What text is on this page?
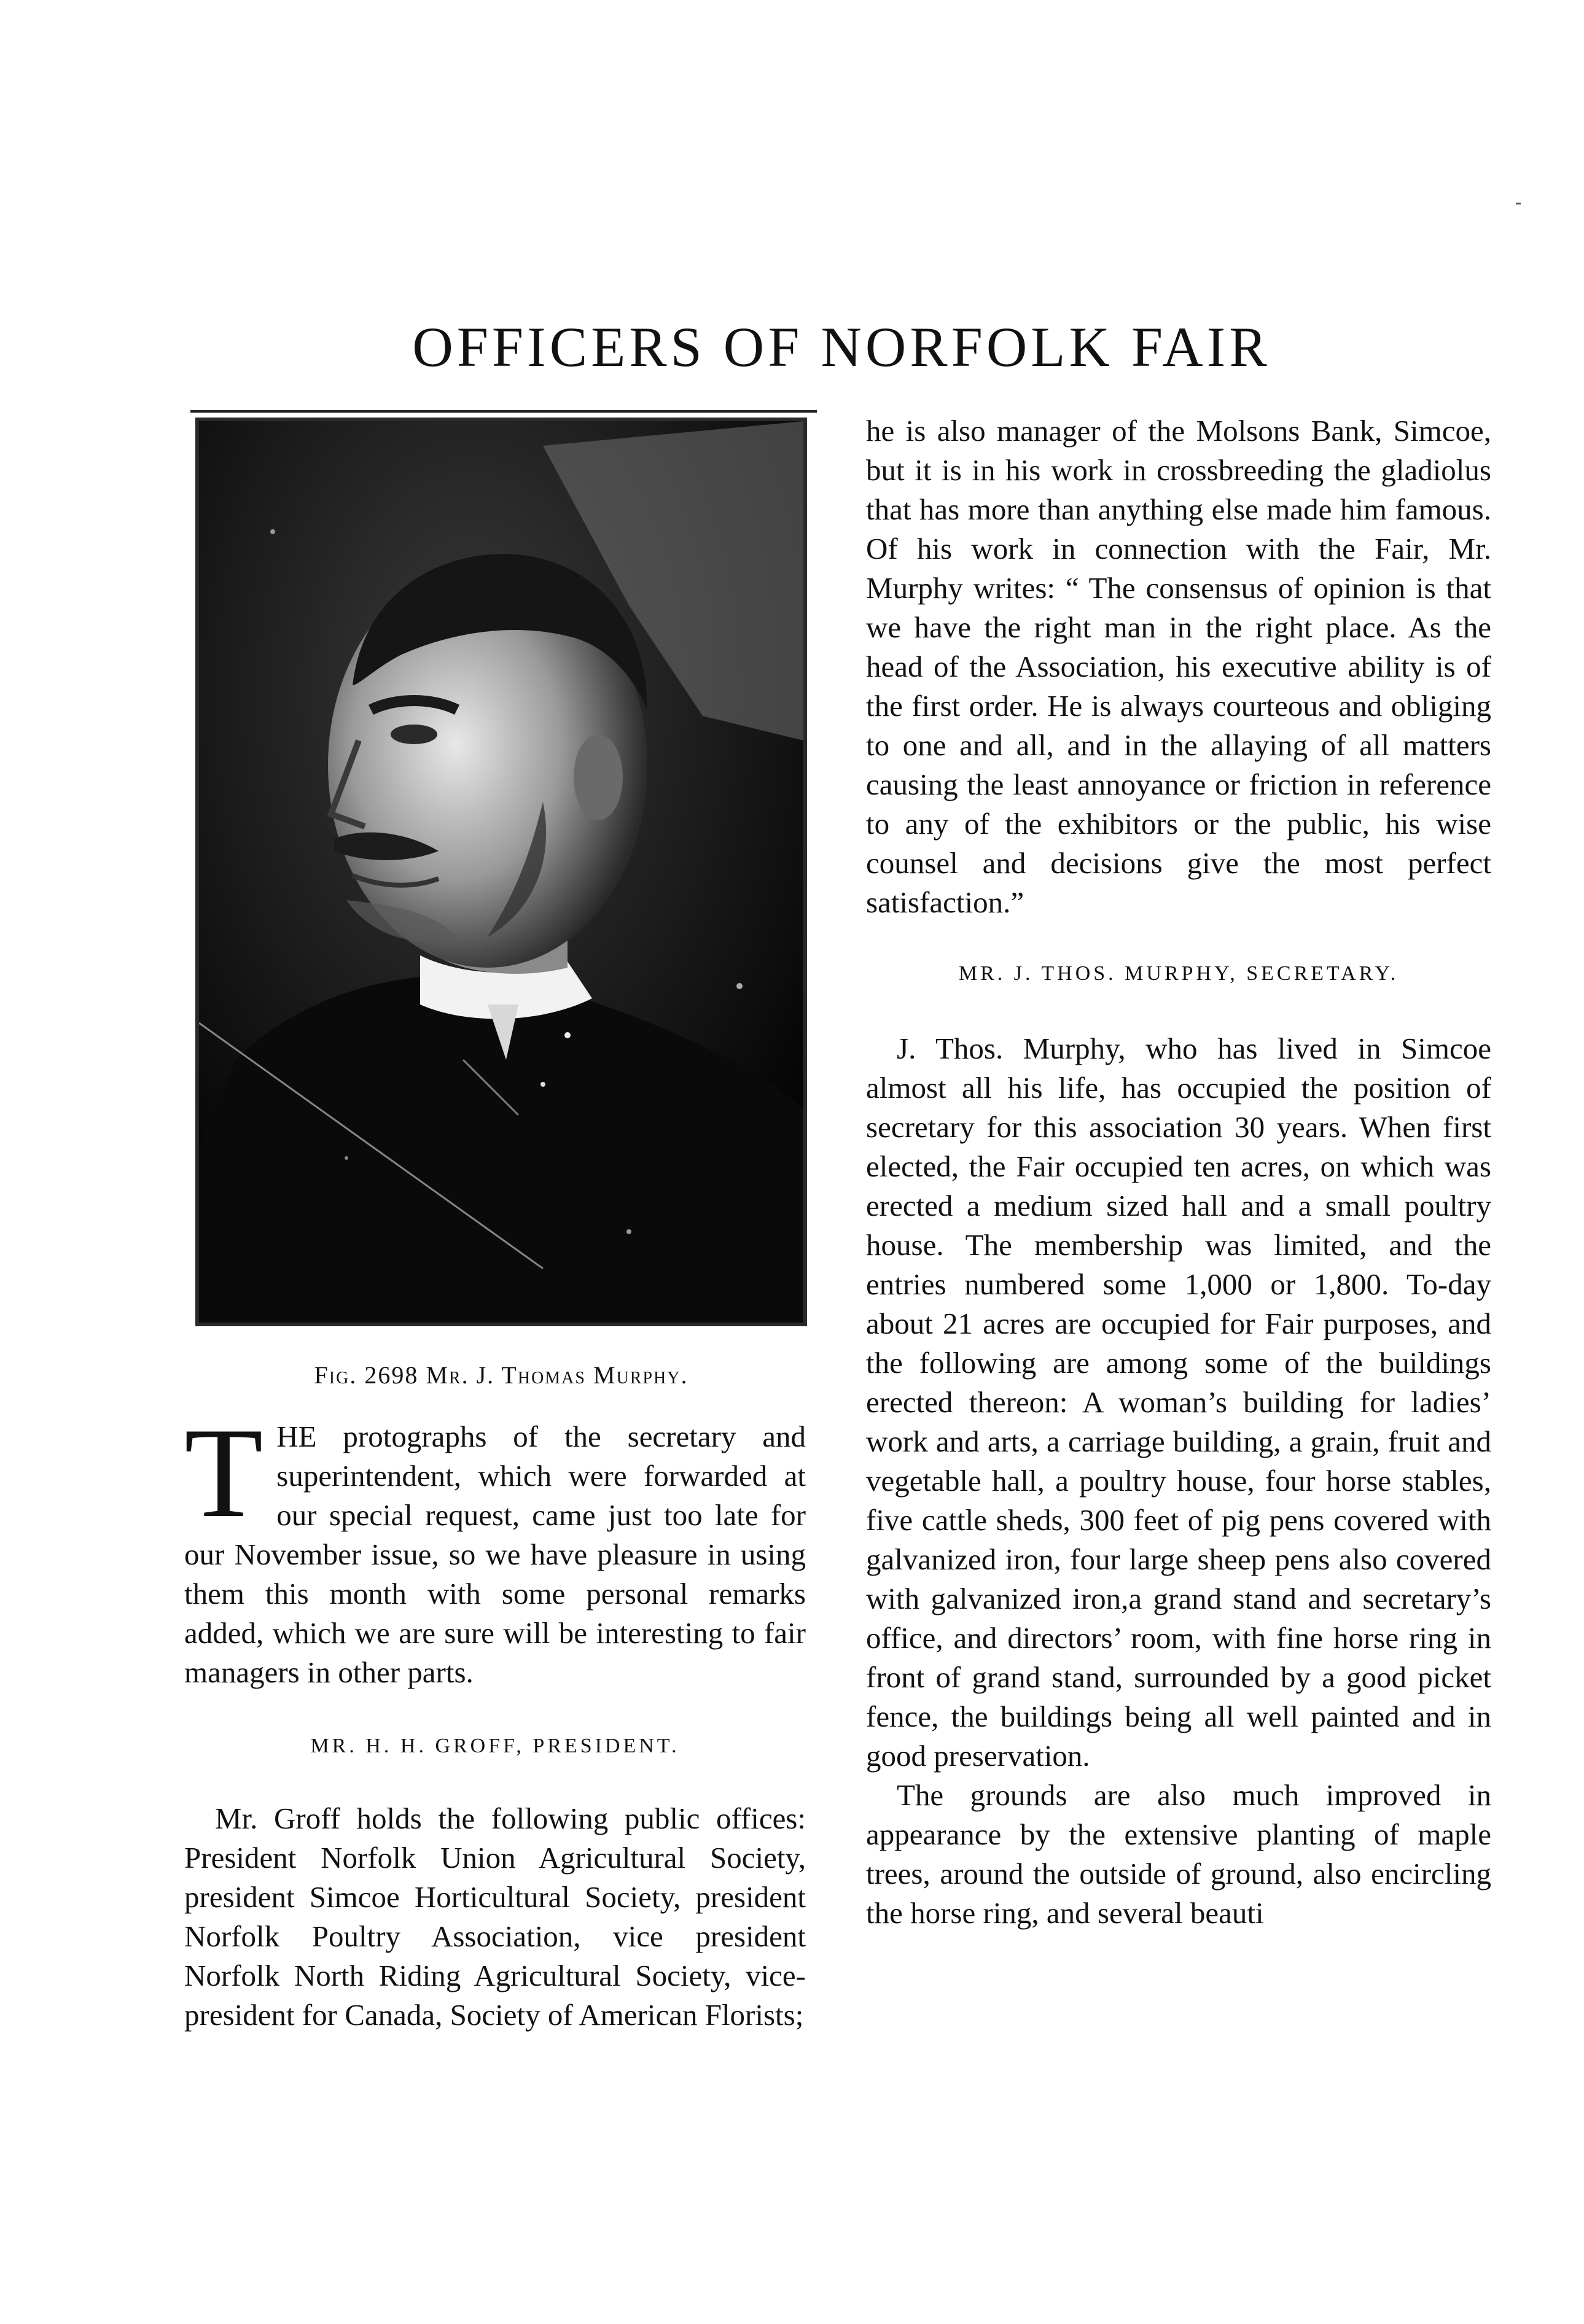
OFFICERS OF NORFOLK FAIR
Fig. 2698 Mr. J. Thomas Murphy.

THE protographs of the secretary and superintendent, which were forwarded at our special request, came just too late for our November issue, so we have pleasure in using them this month with some personal remarks added, which we are sure will be interesting to fair managers in other parts.

MR. H. H. GROFF, PRESIDENT.

Mr. Groff holds the following public offices: President Norfolk Union Agricultural Society, president Simcoe Horticultural Society, president Norfolk Poultry Association, vice president Norfolk North Riding Agricultural Society, vice-president for Canada, Society of American Florists;

he is also manager of the Molsons Bank, Simcoe, but it is in his work in crossbreeding the gladiolus that has more than anything else made him famous. Of his work in connection with the Fair, Mr. Murphy writes: “ The consensus of opinion is that we have the right man in the right place. As the head of the Association, his executive ability is of the first order. He is always courteous and obliging to one and all, and in the allaying of all matters causing the least annoyance or friction in reference to any of the exhibitors or the public, his wise counsel and decisions give the most perfect satisfaction.”

MR. J. THOS. MURPHY, SECRETARY.

J. Thos. Murphy, who has lived in Simcoe almost all his life, has occupied the position of secretary for this association 30 years. When first elected, the Fair occupied ten acres, on which was erected a medium sized hall and a small poultry house. The membership was limited, and the entries numbered some 1,000 or 1,800. To-day about 21 acres are occupied for Fair purposes, and the following are among some of the buildings erected thereon: A woman’s building for ladies’ work and arts, a carriage building, a grain, fruit and vegetable hall, a poultry house, four horse stables, five cattle sheds, 300 feet of pig pens covered with galvanized iron, four large sheep pens also covered with galvanized iron,a grand stand and secretary’s office, and directors’ room, with fine horse ring in front of grand stand, surrounded by a good picket fence, the buildings being all well painted and in good preservation.

The grounds are also much improved in appearance by the extensive planting of maple trees, around the outside of ground, also encircling the horse ring, and several beauti
